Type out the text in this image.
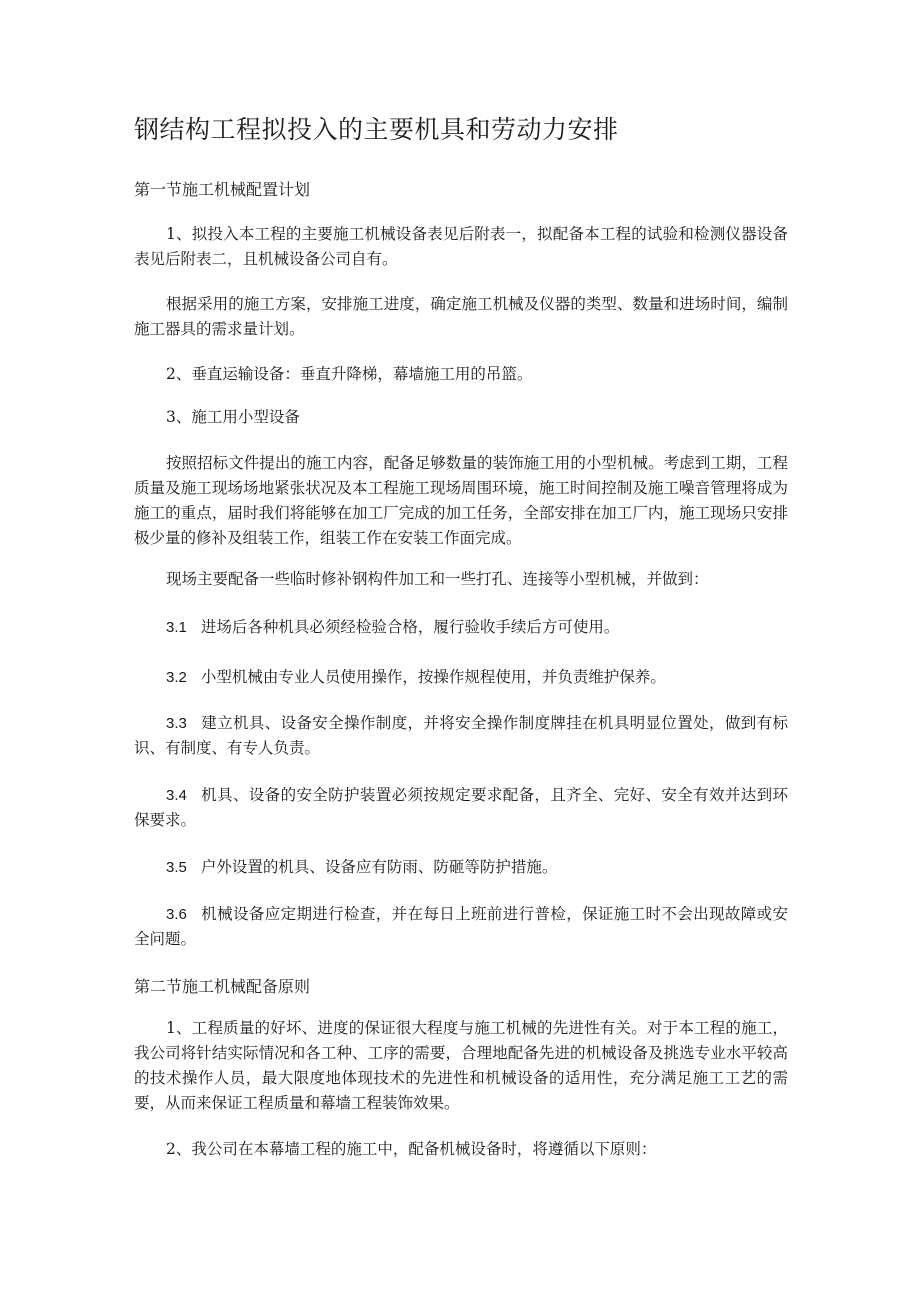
钢结构工程拟投入的主要机具和劳动力安排
第一节施工机械配置计划

1、拟投入本工程的主要施工机械设备表见后附表一，拟配备本工程的试验和检测仪器设备表见后附表二，且机械设备公司自有。

根据采用的施工方案，安排施工进度，确定施工机械及仪器的类型、数量和进场时间，编制施工器具的需求量计划。

2、垂直运输设备：垂直升降梯，幕墙施工用的吊篮。

3、施工用小型设备

按照招标文件提出的施工内容，配备足够数量的装饰施工用的小型机械。考虑到工期，工程质量及施工现场场地紧张状况及本工程施工现场周围环境，施工时间控制及施工噪音管理将成为施工的重点，届时我们将能够在加工厂完成的加工任务，全部安排在加工厂内，施工现场只安排极少量的修补及组装工作，组装工作在安装工作面完成。

现场主要配备一些临时修补钢构件加工和一些打孔、连接等小型机械，并做到：

3.1 进场后各种机具必须经检验合格，履行验收手续后方可使用。

3.2 小型机械由专业人员使用操作，按操作规程使用，并负责维护保养。

3.3 建立机具、设备安全操作制度，并将安全操作制度牌挂在机具明显位置处，做到有标识、有制度、有专人负责。

3.4 机具、设备的安全防护装置必须按规定要求配备，且齐全、完好、安全有效并达到环保要求。

3.5 户外设置的机具、设备应有防雨、防砸等防护措施。

3.6 机械设备应定期进行检查，并在每日上班前进行普检，保证施工时不会出现故障或安全问题。

第二节施工机械配备原则

1、工程质量的好坏、进度的保证很大程度与施工机械的先进性有关。对于本工程的施工，我公司将针结实际情况和各工种、工序的需要，合理地配备先进的机械设备及挑选专业水平较高的技术操作人员，最大限度地体现技术的先进性和机械设备的适用性，充分满足施工工艺的需要，从而来保证工程质量和幕墙工程装饰效果。

2、我公司在本幕墙工程的施工中，配备机械设备时，将遵循以下原则：
